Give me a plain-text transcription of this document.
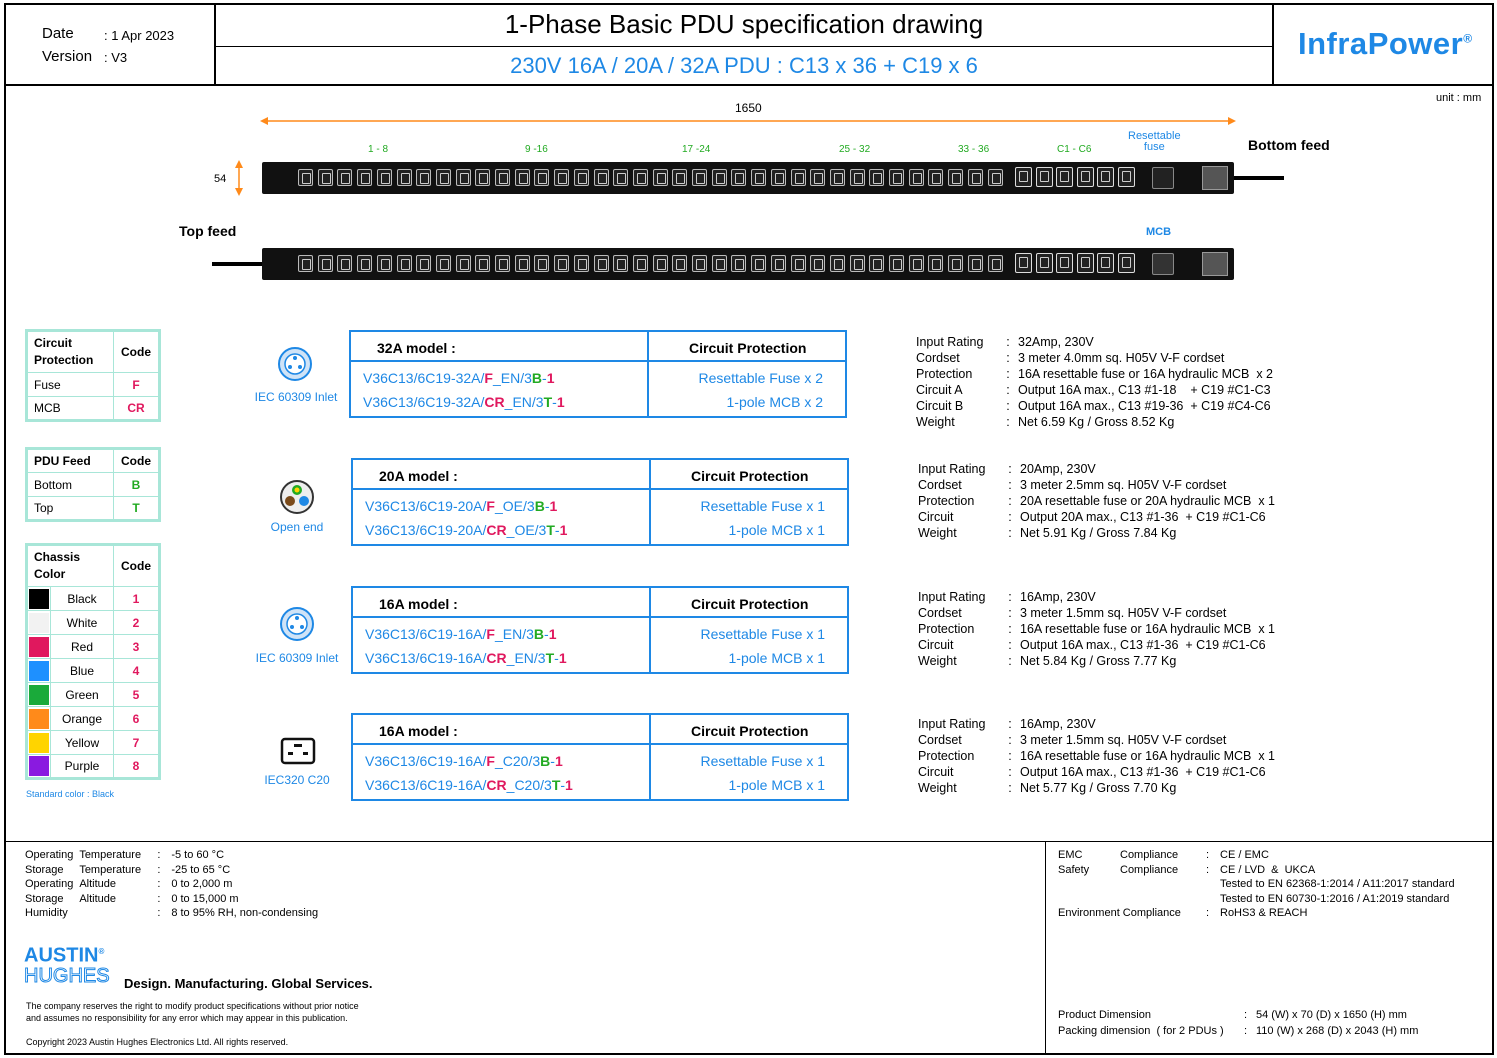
Date : 1 Apr 2023
Version : V3
1-Phase Basic PDU specification drawing
230V 16A / 20A / 32A PDU : C13 x 36 + C19 x 6
InfraPower®
unit : mm
1650
54
1 - 8	9 -16	17 -24	25 - 32	33 - 36	C1 - C6
Resettable
fuse	Bottom feed
Top feed	MCB
Circuit
Protection	Code
Fuse	F
MCB	CR
PDU Feed	Code
Bottom	B
Top	T
Chassis
Color		Code
	Black	1
	White	2
	Red	3
	Blue	4
	Green	5
	Orange	6
	Yellow	7
	Purple	8
Standard color : Black
IEC 60309 Inlet
Open end
IEC 60309 Inlet
IEC320 C20
32A model :	Circuit Protection
V36C13/6C19-32A/F_EN/3B-1	Resettable Fuse x 2
V36C13/6C19-32A/CR_EN/3T-1	1-pole MCB x 2
Input Rating	:	32Amp, 230V
Cordset	:	3 meter 4.0mm sq. H05V V-F cordset
Protection	:	16A resettable fuse or 16A hydraulic MCB  x 2
Circuit A	:	Output 16A max., C13 #1-18    + C19 #C1-C3
Circuit B	:	Output 16A max., C13 #19-36  + C19 #C4-C6
Weight	:	Net 6.59 Kg / Gross 8.52 Kg
20A model :	Circuit Protection
V36C13/6C19-20A/F_OE/3B-1	Resettable Fuse x 1
V36C13/6C19-20A/CR_OE/3T-1	1-pole MCB x 1
Input Rating	:	20Amp, 230V
Cordset	:	3 meter 2.5mm sq. H05V V-F cordset
Protection	:	20A resettable fuse or 20A hydraulic MCB  x 1
Circuit	:	Output 20A max., C13 #1-36  + C19 #C1-C6
Weight	:	Net 5.91 Kg / Gross 7.84 Kg
16A model :	Circuit Protection
V36C13/6C19-16A/F_EN/3B-1	Resettable Fuse x 1
V36C13/6C19-16A/CR_EN/3T-1	1-pole MCB x 1
Input Rating	:	16Amp, 230V
Cordset	:	3 meter 1.5mm sq. H05V V-F cordset
Protection	:	16A resettable fuse or 16A hydraulic MCB  x 1
Circuit	:	Output 16A max., C13 #1-36  + C19 #C1-C6
Weight	:	Net 5.84 Kg / Gross 7.77 Kg
16A model :	Circuit Protection
V36C13/6C19-16A/F_C20/3B-1	Resettable Fuse x 1
V36C13/6C19-16A/CR_C20/3T-1	1-pole MCB x 1
Input Rating	:	16Amp, 230V
Cordset	:	3 meter 1.5mm sq. H05V V-F cordset
Protection	:	16A resettable fuse or 16A hydraulic MCB  x 1
Circuit	:	Output 16A max., C13 #1-36  + C19 #C1-C6
Weight	:	Net 5.77 Kg / Gross 7.70 Kg
Operating	Temperature	:	-5 to 60 °C
Storage	Temperature	:	-25 to 65 °C
Operating	Altitude	:	0 to 2,000 m
Storage	Altitude	:	0 to 15,000 m
Humidity		:	8 to 95% RH, non-condensing
AUSTIN®
HUGHES Design. Manufacturing. Global Services.
The company reserves the right to modify product specifications without prior notice
and assumes no responsibility for any error which may appear in this publication.
Copyright 2023 Austin Hughes Electronics Ltd. All rights reserved.
EMC	Compliance	:	CE / EMC
Safety	Compliance	:	CE / LVD  &  UKCA
			Tested to EN 62368-1:2014 / A11:2017 standard
			Tested to EN 60730-1:2016 / A1:2019 standard
Environment Compliance		:	RoHS3 & REACH
Product Dimension	:	54 (W) x 70 (D) x 1650 (H) mm
Packing dimension  ( for 2 PDUs )	:	110 (W) x 268 (D) x 2043 (H) mm
